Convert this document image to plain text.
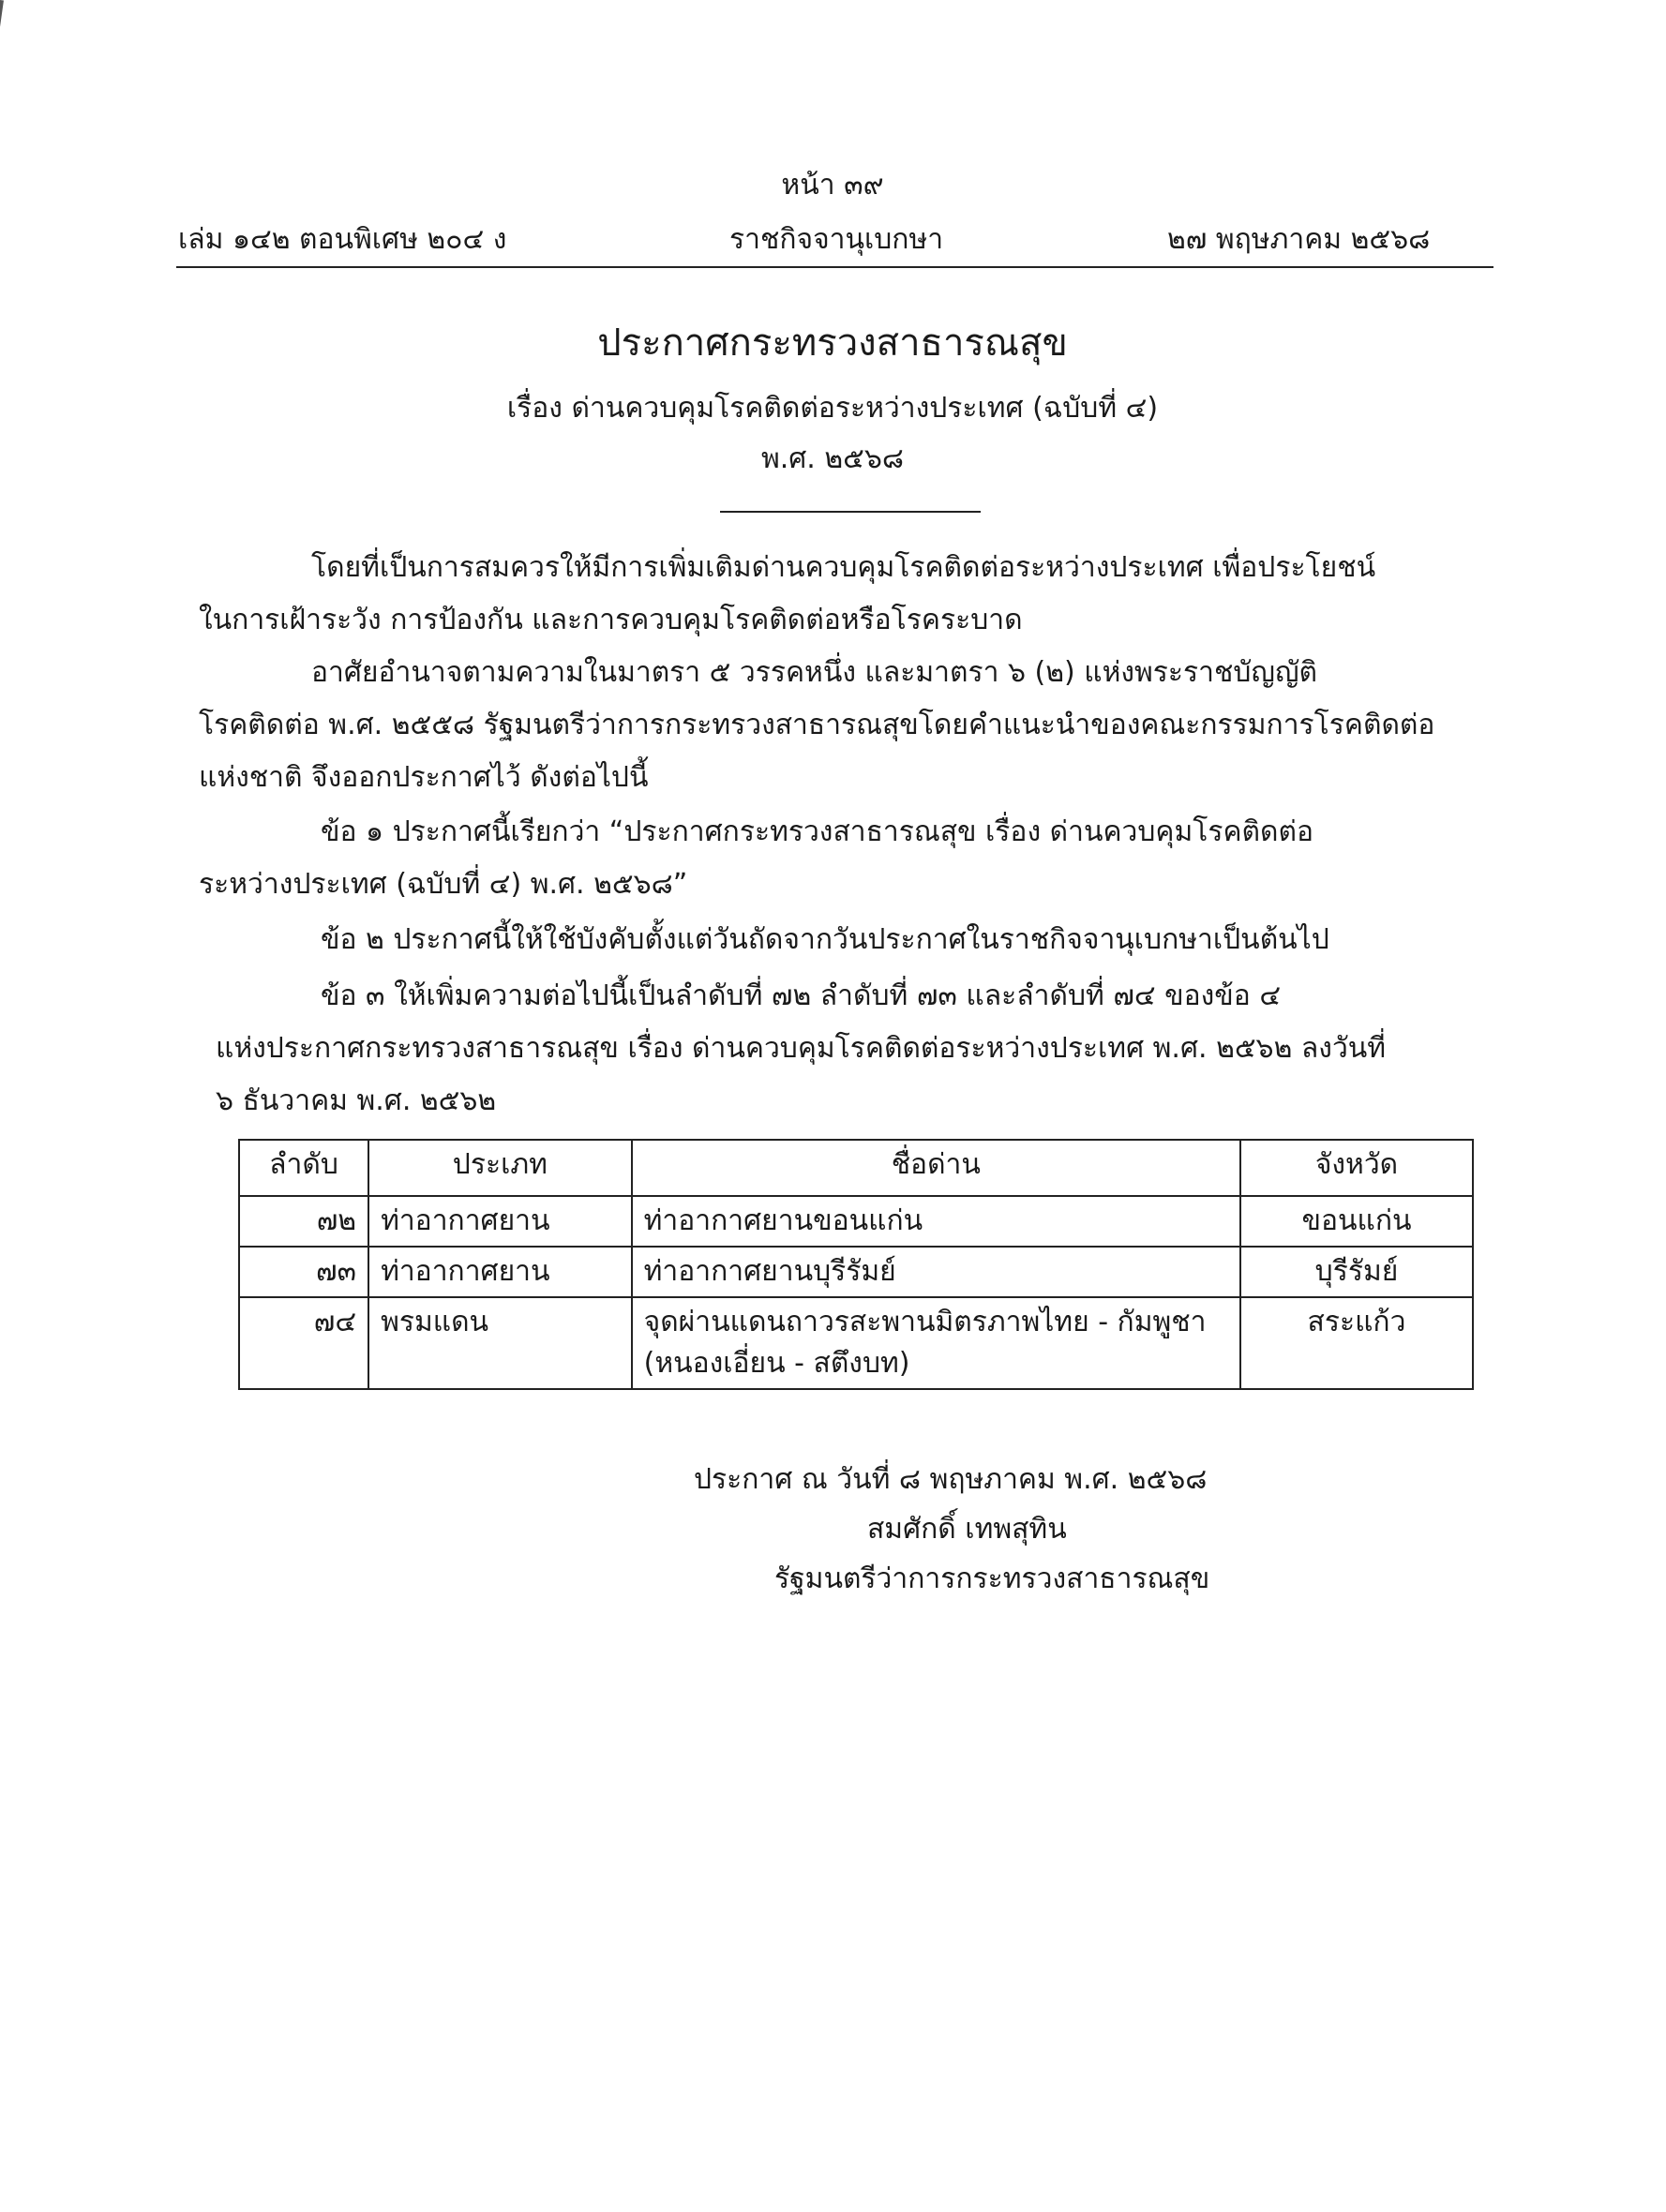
หน้า ๓๙
เล่ม ๑๔๒ ตอนพิเศษ ๒๐๔ ง	ราชกิจจานุเบกษา	๒๗ พฤษภาคม ๒๕๖๘
ประกาศกระทรวงสาธารณสุข
เรื่อง ด่านควบคุมโรคติดต่อระหว่างประเทศ (ฉบับที่ ๔)
พ.ศ. ๒๕๖๘
โดยที่เป็นการสมควรให้มีการเพิ่มเติมด่านควบคุมโรคติดต่อระหว่างประเทศ เพื่อประโยชน์
ในการเฝ้าระวัง การป้องกัน และการควบคุมโรคติดต่อหรือโรคระบาด
อาศัยอำนาจตามความในมาตรา ๕ วรรคหนึ่ง และมาตรา ๖ (๒) แห่งพระราชบัญญัติ
โรคติดต่อ พ.ศ. ๒๕๕๘ รัฐมนตรีว่าการกระทรวงสาธารณสุขโดยคำแนะนำของคณะกรรมการโรคติดต่อ
แห่งชาติ จึงออกประกาศไว้ ดังต่อไปนี้
ข้อ ๑ ประกาศนี้เรียกว่า “ประกาศกระทรวงสาธารณสุข เรื่อง ด่านควบคุมโรคติดต่อ
ระหว่างประเทศ (ฉบับที่ ๔) พ.ศ. ๒๕๖๘”
ข้อ ๒ ประกาศนี้ให้ใช้บังคับตั้งแต่วันถัดจากวันประกาศในราชกิจจานุเบกษาเป็นต้นไป
ข้อ ๓ ให้เพิ่มความต่อไปนี้เป็นลำดับที่ ๗๒ ลำดับที่ ๗๓ และลำดับที่ ๗๔ ของข้อ ๔
แห่งประกาศกระทรวงสาธารณสุข เรื่อง ด่านควบคุมโรคติดต่อระหว่างประเทศ พ.ศ. ๒๕๖๒ ลงวันที่
๖ ธันวาคม พ.ศ. ๒๕๖๒
ลำดับ	ประเภท	ชื่อด่าน	จังหวัด
๗๒	ท่าอากาศยาน	ท่าอากาศยานขอนแก่น	ขอนแก่น
๗๓	ท่าอากาศยาน	ท่าอากาศยานบุรีรัมย์	บุรีรัมย์
๗๔	พรมแดน	จุดผ่านแดนถาวรสะพานมิตรภาพไทย - กัมพูชา
(หนองเอี่ยน - สตึงบท)	สระแก้ว
ประกาศ ณ วันที่ ๘ พฤษภาคม พ.ศ. ๒๕๖๘
สมศักดิ์ เทพสุทิน
รัฐมนตรีว่าการกระทรวงสาธารณสุข
